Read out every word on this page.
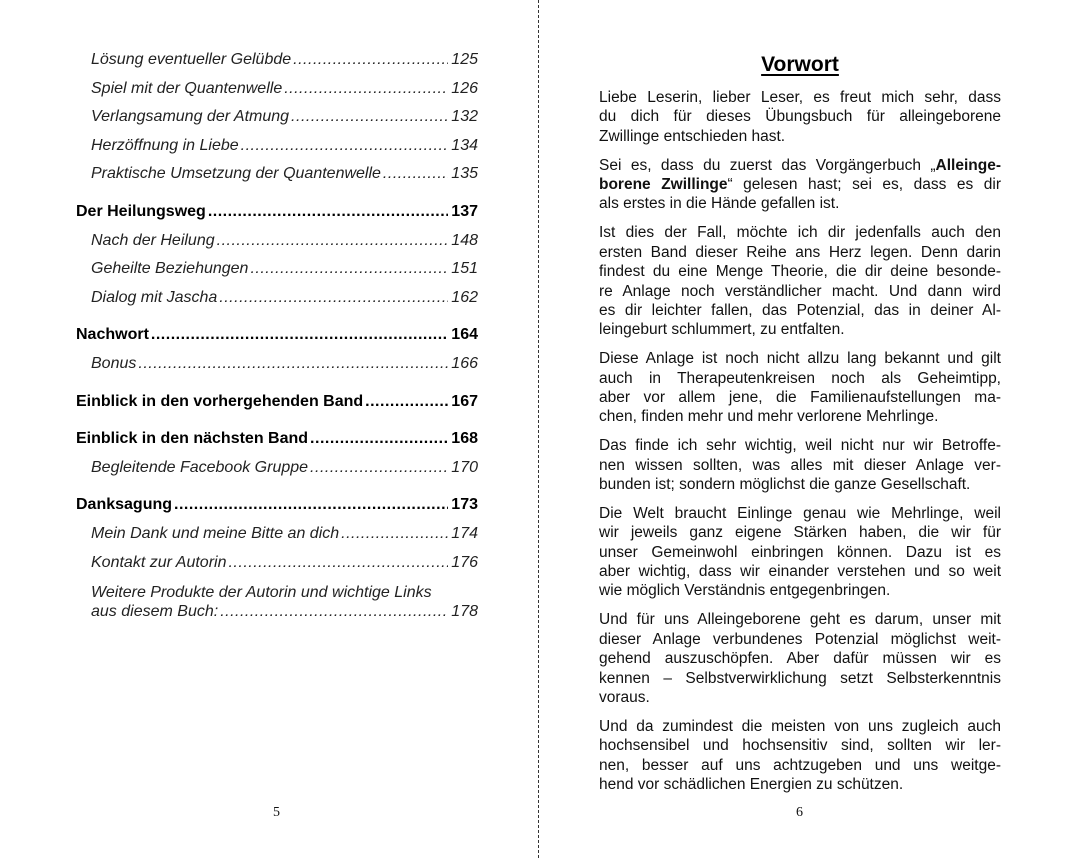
Lösung eventueller Gelübde .....	125
Spiel mit der Quantenwelle .....	126
Verlangsamung der Atmung .....	132
Herzöffnung in Liebe .....	134
Praktische Umsetzung der Quantenwelle .....	135
Der Heilungsweg .....	137
Nach der Heilung .....	148
Geheilte Beziehungen .....	151
Dialog mit Jascha .....	162
Nachwort .....	164
Bonus .....	166
Einblick in den vorhergehenden Band .....	167
Einblick in den nächsten Band .....	168
Begleitende Facebook Gruppe .....	170
Danksagung .....	173
Mein Dank und meine Bitte an dich .....	174
Kontakt zur Autorin .....	176
Weitere Produkte der Autorin und wichtige Links
aus diesem Buch: .....	178
5
Vorwort
Liebe Leserin, lieber Leser, es freut mich sehr, dass
du dich für dieses Übungsbuch für alleingeborene
Zwillinge entschieden hast.
Sei es, dass du zuerst das Vorgängerbuch „Alleinge-
borene Zwillinge“ gelesen hast; sei es, dass es dir
als erstes in die Hände gefallen ist.
Ist dies der Fall, möchte ich dir jedenfalls auch den
ersten Band dieser Reihe ans Herz legen. Denn darin
findest du eine Menge Theorie, die dir deine besonde-
re Anlage noch verständlicher macht. Und dann wird
es dir leichter fallen, das Potenzial, das in deiner Al-
leingeburt schlummert, zu entfalten.
Diese Anlage ist noch nicht allzu lang bekannt und gilt
auch in Therapeutenkreisen noch als Geheimtipp,
aber vor allem jene, die Familienaufstellungen ma-
chen, finden mehr und mehr verlorene Mehrlinge.
Das finde ich sehr wichtig, weil nicht nur wir Betroffe-
nen wissen sollten, was alles mit dieser Anlage ver-
bunden ist; sondern möglichst die ganze Gesellschaft.
Die Welt braucht Einlinge genau wie Mehrlinge, weil
wir jeweils ganz eigene Stärken haben, die wir für
unser Gemeinwohl einbringen können. Dazu ist es
aber wichtig, dass wir einander verstehen und so weit
wie möglich Verständnis entgegenbringen.
Und für uns Alleingeborene geht es darum, unser mit
dieser Anlage verbundenes Potenzial möglichst weit-
gehend auszuschöpfen. Aber dafür müssen wir es
kennen – Selbstverwirklichung setzt Selbsterkenntnis
voraus.
Und da zumindest die meisten von uns zugleich auch
hochsensibel und hochsensitiv sind, sollten wir ler-
nen, besser auf uns achtzugeben und uns weitge-
hend vor schädlichen Energien zu schützen.
6
